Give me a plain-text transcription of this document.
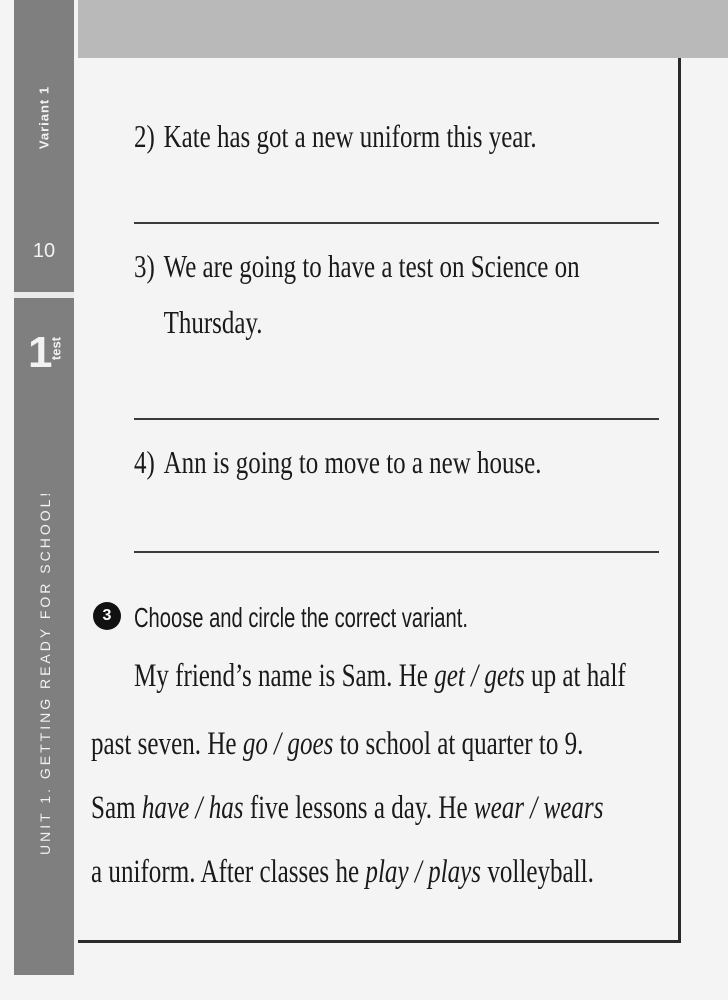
Variant 1
10
1
test
UNIT 1. GETTING READY FOR SCHOOL!
2) Kate has got a new uniform this year.
3) We are going to have a test on Science on
Thursday.
4) Ann is going to move to a new house.
3 Choose and circle the correct variant.
My friend’s name is Sam. He get / gets up at half
past seven. He go / goes to school at quarter to 9.
Sam have / has five lessons a day. He wear / wears
a uniform. After classes he play / plays volleyball.
